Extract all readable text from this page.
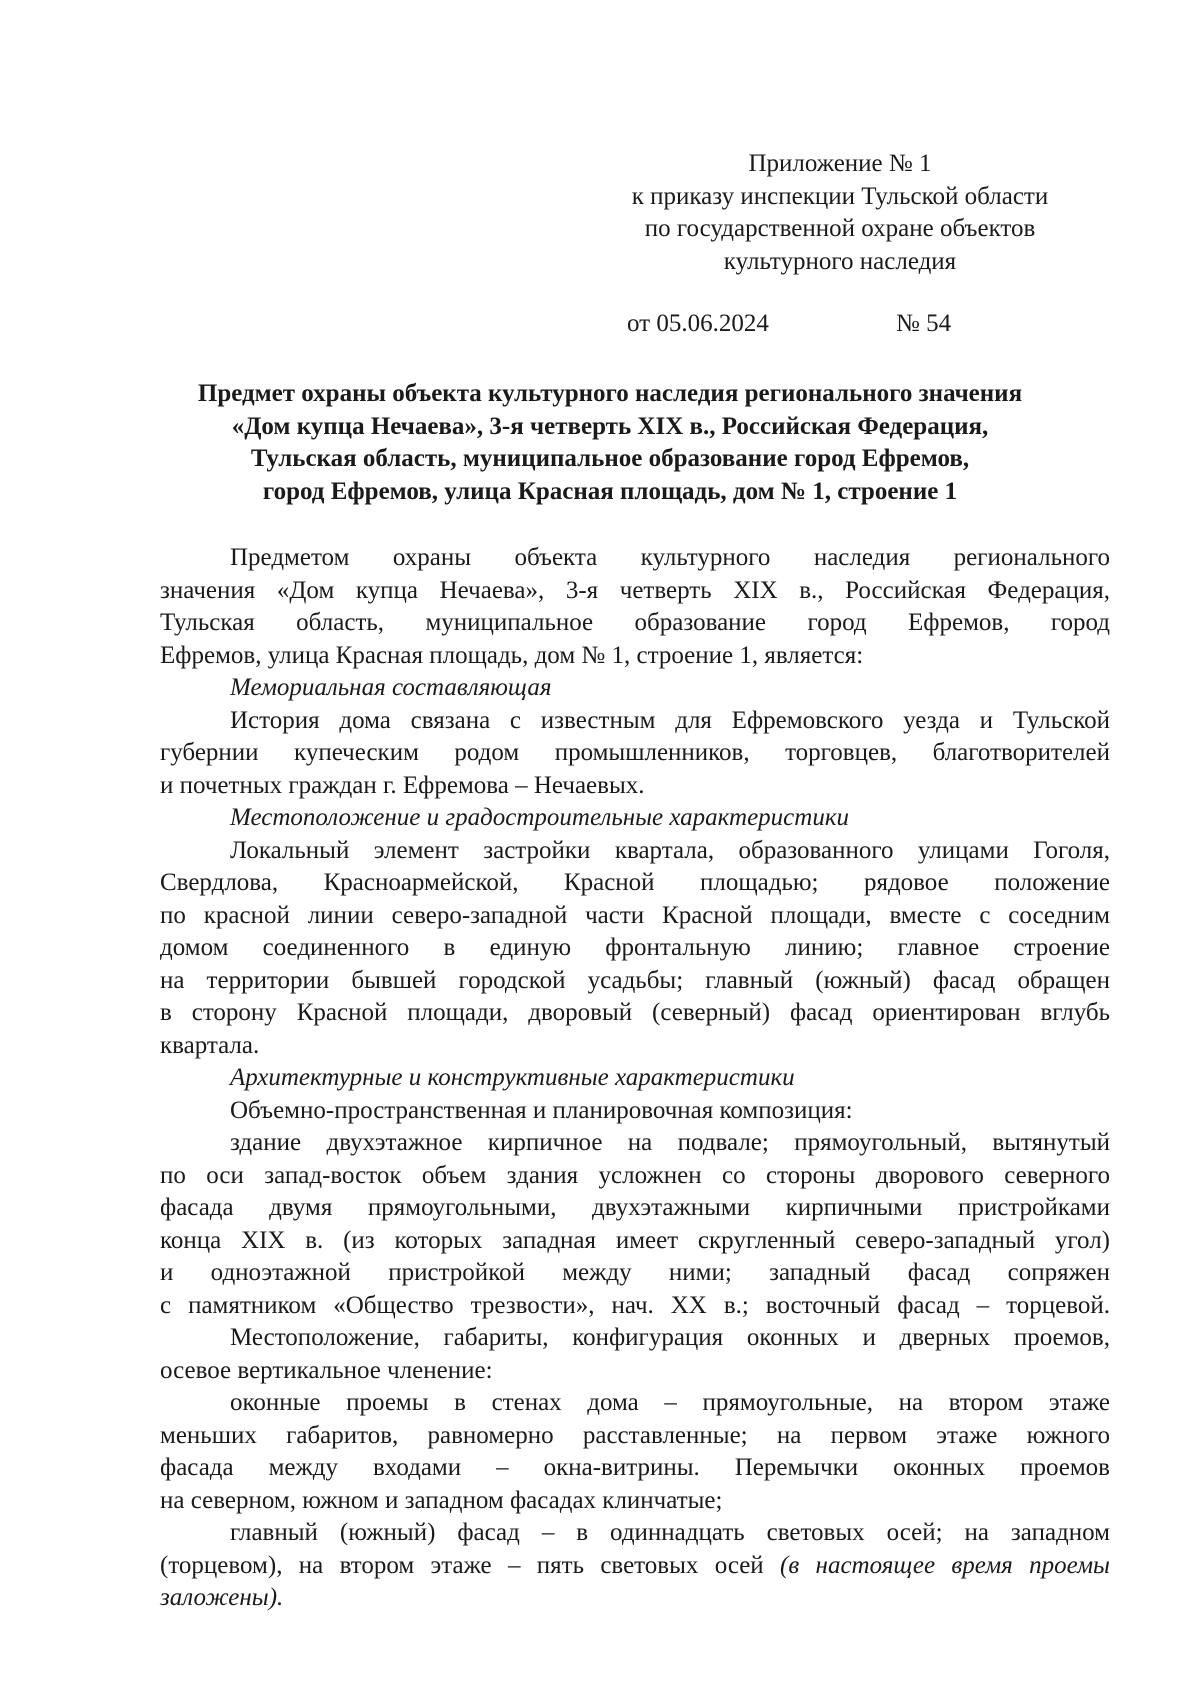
Приложение № 1
к приказу инспекции Тульской области
по государственной охране объектов
культурного наследия
от 05.06.2024	№ 54
Предмет охраны объекта культурного наследия регионального значения
«Дом купца Нечаева», 3-я четверть XIX в., Российская Федерация,
Тульская область, муниципальное образование город Ефремов,
город Ефремов, улица Красная площадь, дом № 1, строение 1
Предметом охраны объекта культурного наследия регионального
значения «Дом купца Нечаева», 3-я четверть XIX в., Российская Федерация,
Тульская область, муниципальное образование город Ефремов, город
Ефремов, улица Красная площадь, дом № 1, строение 1, является:
Мемориальная составляющая
История дома связана с известным для Ефремовского уезда и Тульской
губернии купеческим родом промышленников, торговцев, благотворителей
и почетных граждан г. Ефремова – Нечаевых.
Местоположение и градостроительные характеристики
Локальный элемент застройки квартала, образованного улицами Гоголя,
Свердлова, Красноармейской, Красной площадью; рядовое положение
по красной линии северо-западной части Красной площади, вместе с соседним
домом соединенного в единую фронтальную линию; главное строение
на территории бывшей городской усадьбы; главный (южный) фасад обращен
в сторону Красной площади, дворовый (северный) фасад ориентирован вглубь
квартала.
Архитектурные и конструктивные характеристики
Объемно-пространственная и планировочная композиция:
здание двухэтажное кирпичное на подвале; прямоугольный, вытянутый
по оси запад-восток объем здания усложнен со стороны дворового северного
фасада двумя прямоугольными, двухэтажными кирпичными пристройками
конца XIX в. (из которых западная имеет скругленный северо-западный угол)
и одноэтажной пристройкой между ними; западный фасад сопряжен
с памятником «Общество трезвости», нач. XX в.; восточный фасад – торцевой.
Местоположение, габариты, конфигурация оконных и дверных проемов,
осевое вертикальное членение:
оконные проемы в стенах дома – прямоугольные, на втором этаже
меньших габаритов, равномерно расставленные; на первом этаже южного
фасада между входами – окна-витрины. Перемычки оконных проемов
на северном, южном и западном фасадах клинчатые;
главный (южный) фасад – в одиннадцать световых осей; на западном
(торцевом), на втором этаже – пять световых осей (в настоящее время проемы
заложены).
